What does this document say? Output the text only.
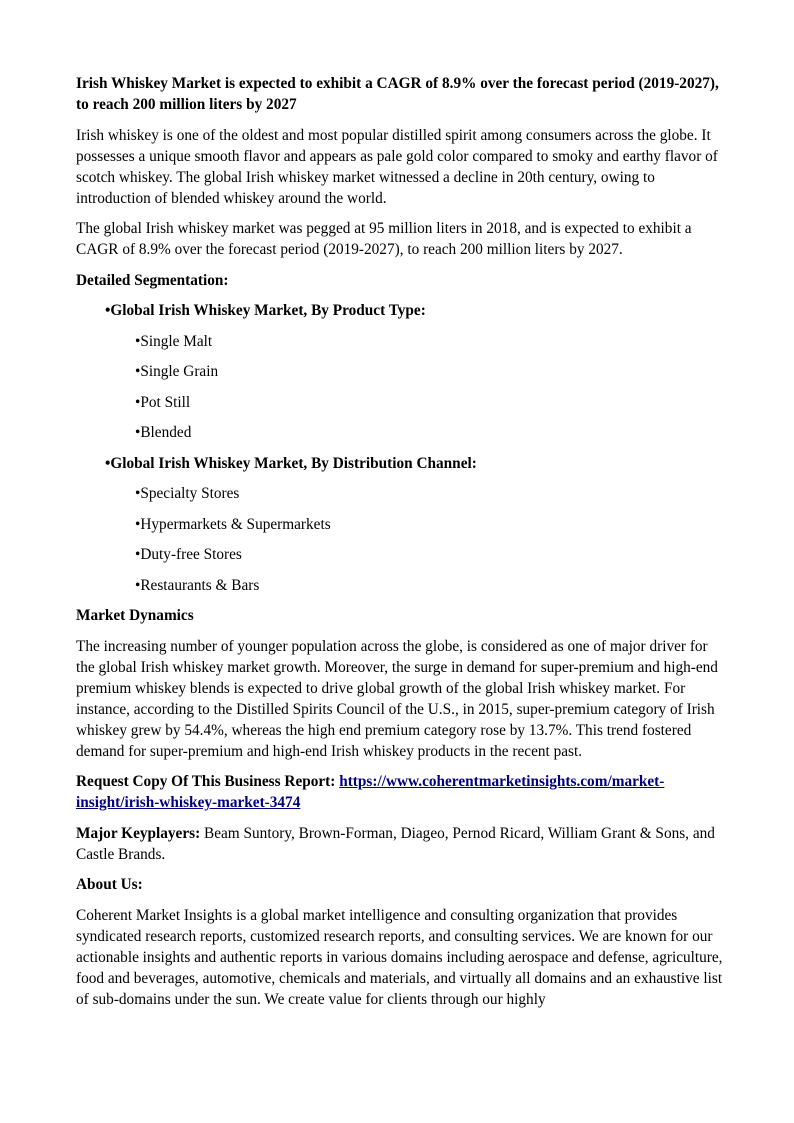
Irish Whiskey Market is expected to exhibit a CAGR of 8.9% over the forecast period (2019-2027), to reach 200 million liters by 2027
Irish whiskey is one of the oldest and most popular distilled spirit among consumers across the globe. It possesses a unique smooth flavor and appears as pale gold color compared to smoky and earthy flavor of scotch whiskey. The global Irish whiskey market witnessed a decline in 20th century, owing to introduction of blended whiskey around the world.
The global Irish whiskey market was pegged at 95 million liters in 2018, and is expected to exhibit a CAGR of 8.9% over the forecast period (2019-2027), to reach 200 million liters by 2027.
Detailed Segmentation:
•Global Irish Whiskey Market, By Product Type:
•Single Malt
•Single Grain
•Pot Still
•Blended
•Global Irish Whiskey Market, By Distribution Channel:
•Specialty Stores
•Hypermarkets & Supermarkets
•Duty-free Stores
•Restaurants & Bars
Market Dynamics
The increasing number of younger population across the globe, is considered as one of major driver for the global Irish whiskey market growth. Moreover, the surge in demand for super-premium and high-end premium whiskey blends is expected to drive global growth of the global Irish whiskey market. For instance, according to the Distilled Spirits Council of the U.S., in 2015, super-premium category of Irish whiskey grew by 54.4%, whereas the high end premium category rose by 13.7%. This trend fostered demand for super-premium and high-end Irish whiskey products in the recent past.
Request Copy Of This Business Report: https://www.coherentmarketinsights.com/market-insight/irish-whiskey-market-3474
Major Keyplayers: Beam Suntory, Brown-Forman, Diageo, Pernod Ricard, William Grant & Sons, and Castle Brands.
About Us:
Coherent Market Insights is a global market intelligence and consulting organization that provides syndicated research reports, customized research reports, and consulting services. We are known for our actionable insights and authentic reports in various domains including aerospace and defense, agriculture, food and beverages, automotive, chemicals and materials, and virtually all domains and an exhaustive list of sub-domains under the sun. We create value for clients through our highly
